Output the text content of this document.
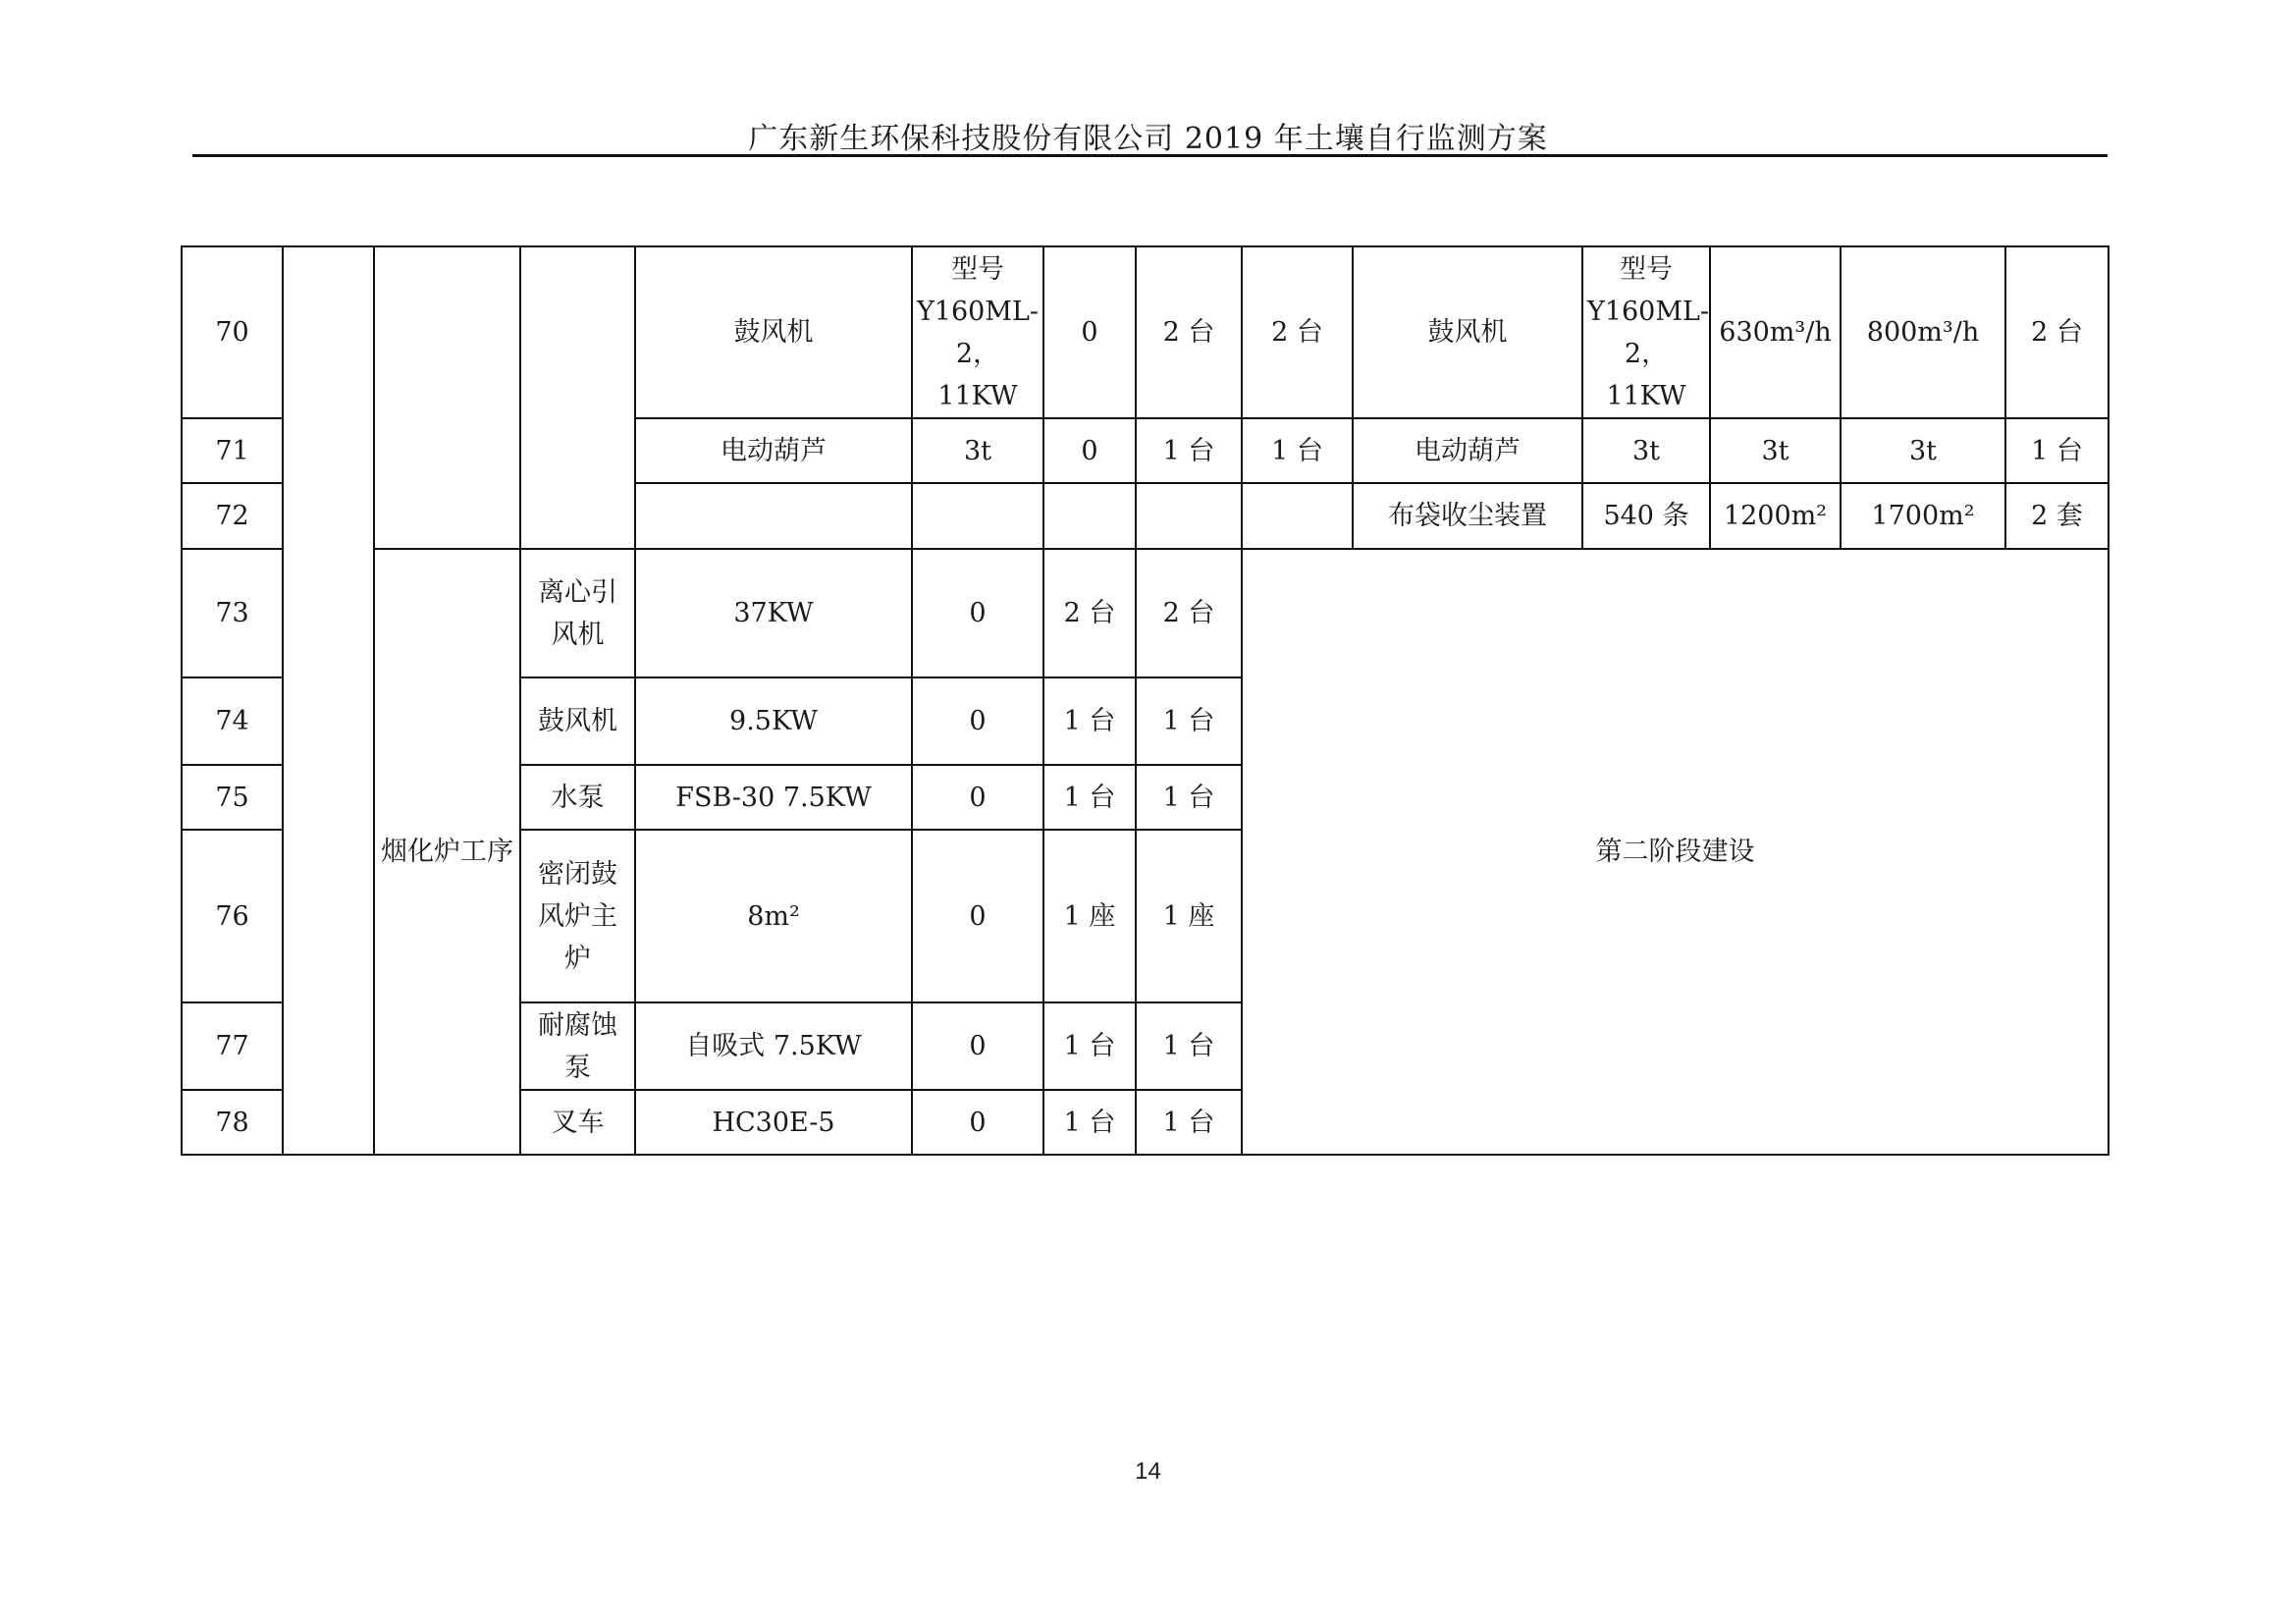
广东新生环保科技股份有限公司 2019 年土壤自行监测方案
70				鼓风机	型号 Y160ML-2，11KW	0	2 台	2 台	鼓风机	型号 Y160ML-2，11KW	630m³/h	800m³/h	2 台
71				电动葫芦	3t	0	1 台	1 台	电动葫芦	3t	3t	3t	1 台
72									布袋收尘装置	540 条	1200m²	1700m²	2 套
73		烟化炉工序	离心引风机	37KW	0	2 台	2 台	第二阶段建设					
74			鼓风机	9.5KW	0	1 台	1 台						
75			水泵	FSB-30 7.5KW	0	1 台	1 台						
76			密闭鼓风炉主炉	8m²	0	1 座	1 座						
77			耐腐蚀泵	自吸式 7.5KW	0	1 台	1 台						
78			叉车	HC30E-5	0	1 台	1 台						
14
